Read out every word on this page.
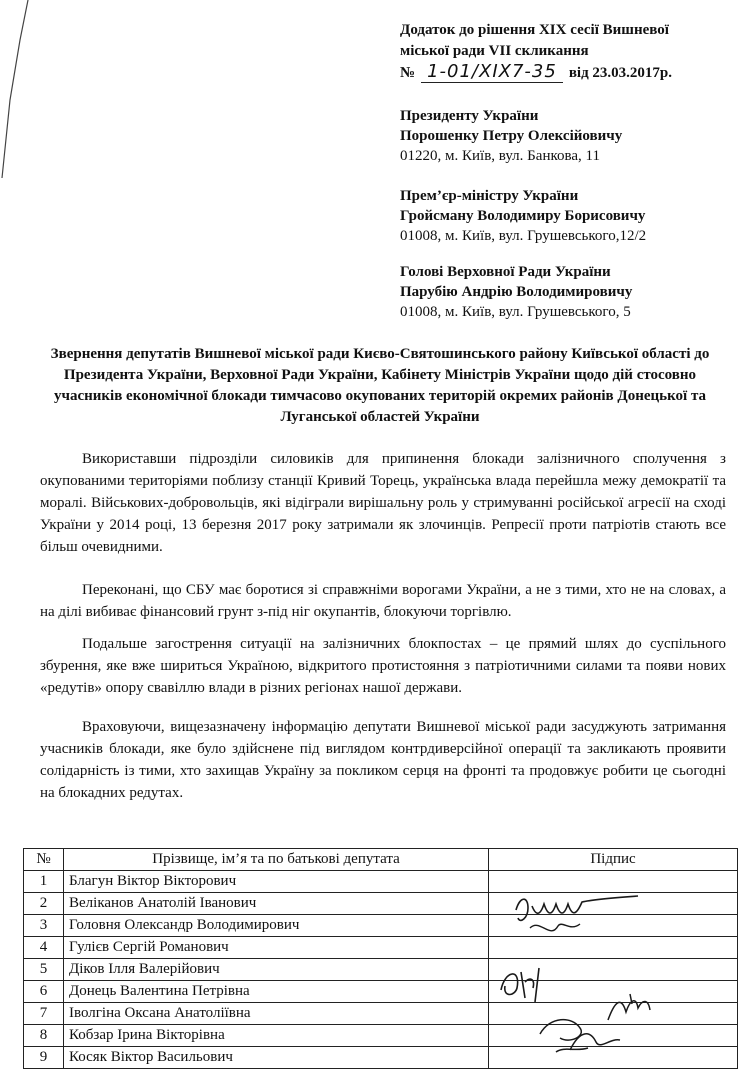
Додаток до рішення XIX сесії Вишневої
міської ради VII скликання
№ 1-01/XIX7-35 від 23.03.2017р.
Президенту України
Порошенку Петру Олексійовичу
01220, м. Київ, вул. Банкова, 11
Прем’єр-міністру України
Гройсману Володимиру Борисовичу
01008, м. Київ, вул. Грушевського,12/2
Голові Верховної Ради України
Парубію Андрію Володимировичу
01008, м. Київ, вул. Грушевського, 5
Звернення депутатів Вишневої міської ради Києво-Святошинського району Київської області до Президента України, Верховної Ради України, Кабінету Міністрів України щодо дій стосовно учасників економічної блокади тимчасово окупованих територій окремих районів Донецької та Луганської областей України

Використавши підрозділи силовиків для припинення блокади залізничного сполучення з окупованими територіями поблизу станції Кривий Торець, українська влада перейшла межу демократії та моралі. Військових-добровольців, які відіграли вирішальну роль у стримуванні російської агресії на сході України у 2014 році, 13 березня 2017 року затримали як злочинців. Репресії проти патріотів стають все більш очевидними.

Переконані, що СБУ має боротися зі справжніми ворогами України, а не з тими, хто не на словах, а на ділі вибиває фінансовий грунт з-під ніг окупантів, блокуючи торгівлю.

Подальше загострення ситуації на залізничних блокпостах – це прямий шлях до суспільного збурення, яке вже шириться Україною, відкритого протистояння з патріотичними силами та появи нових «редутів» опору свавіллю влади в різних регіонах нашої держави.

Враховуючи, вищезазначену інформацію депутати Вишневої міської ради засуджують затримання учасників блокади, яке було здійснене під виглядом контрдиверсійної операції та закликають проявити солідарність із тими, хто захищав Україну за покликом серця на фронті та продовжує робити це сьогодні на блокадних редутах.

№	Прізвище, ім’я та по батькові депутата	Підпис
1	Благун Віктор Вікторович	
2	Веліканов Анатолій Іванович	
3	Головня Олександр Володимирович	
4	Гулієв Сергій Романович	
5	Діков Ілля Валерійович	
6	Донець Валентина Петрівна	
7	Іволгіна Оксана Анатоліївна	
8	Кобзар Ірина Вікторівна	
9	Косяк Віктор Васильович	
